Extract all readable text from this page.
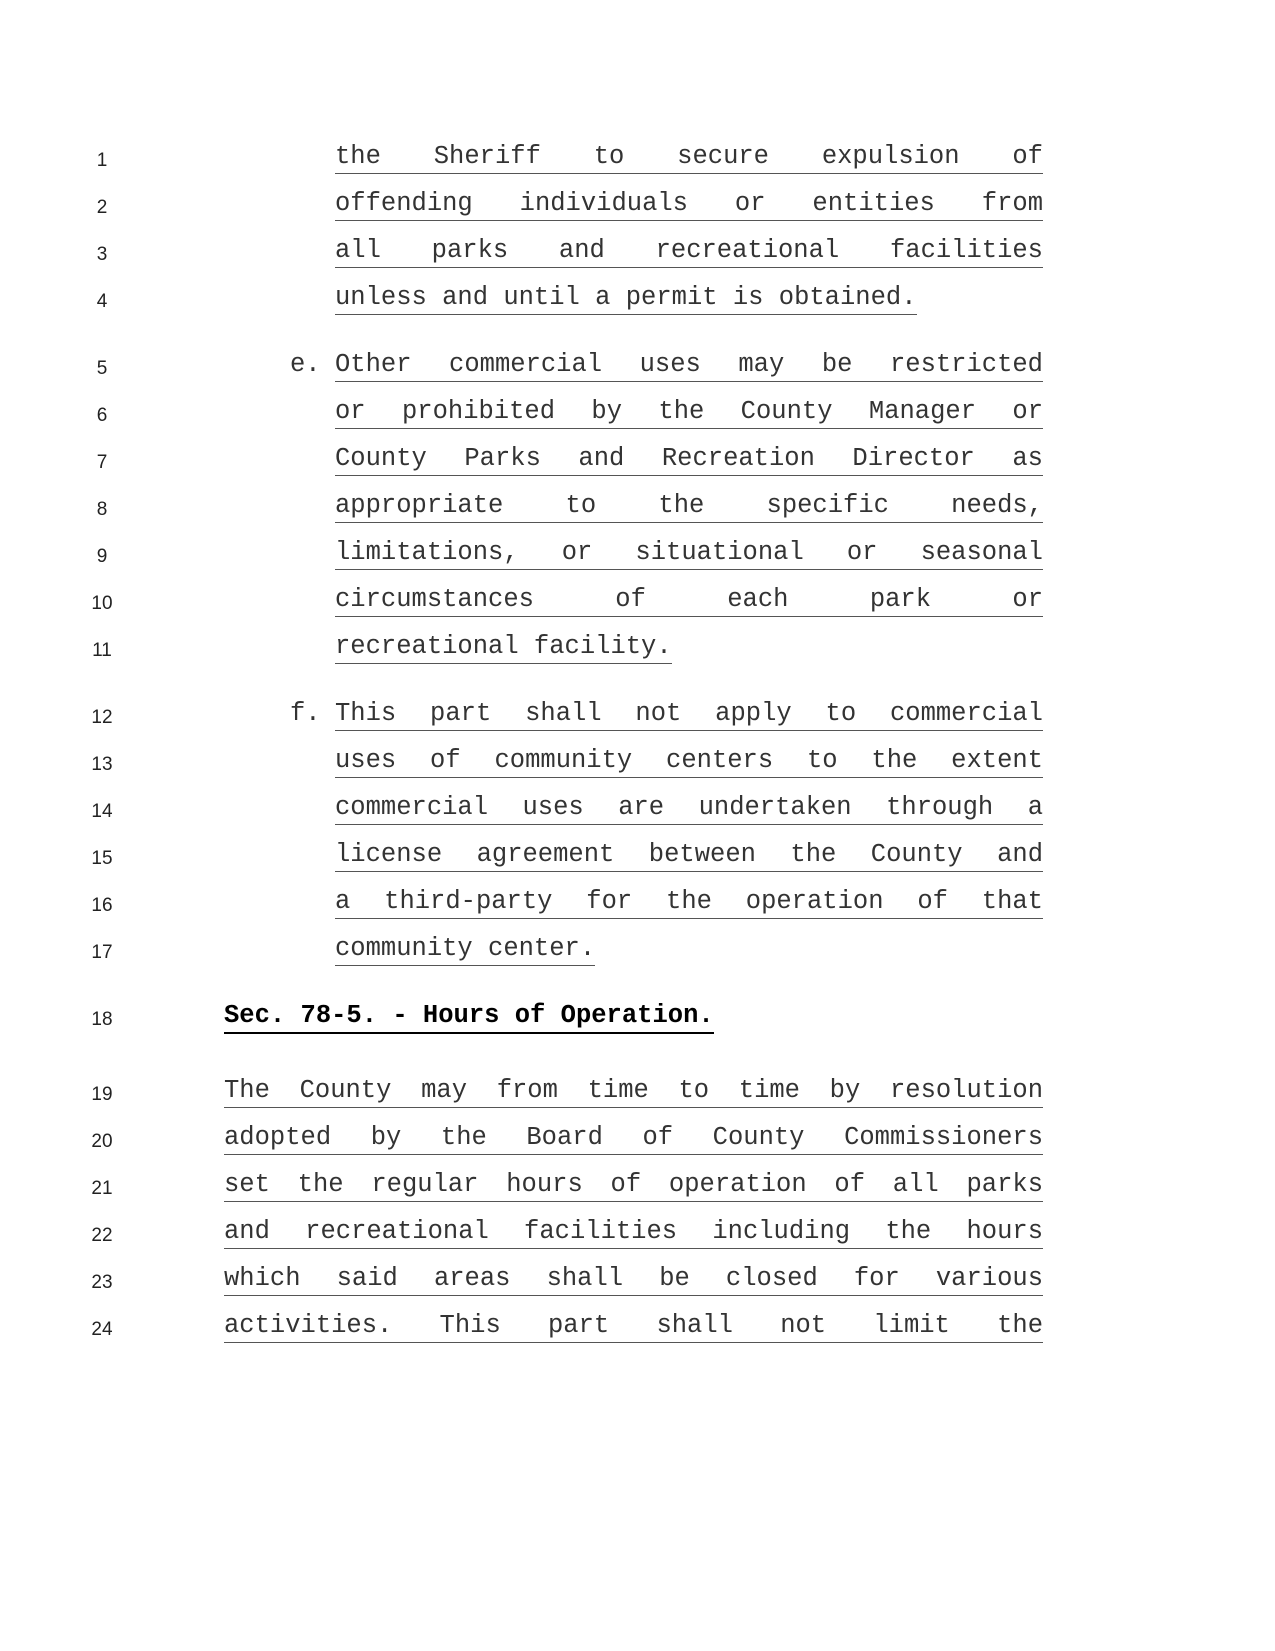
1
2
3
4
5
6
7
8
9
10
11
12
13
14
15
16
17
18
19
20
21
22
23
24
the Sheriff to secure expulsion of
offending individuals or entities from
all parks and recreational facilities
unless and until a permit is obtained.
e. Other commercial uses may be restricted
or prohibited by the County Manager or
County Parks and Recreation Director as
appropriate to the specific needs,
limitations, or situational or seasonal
circumstances of each park or
recreational facility.
f. This part shall not apply to commercial
uses of community centers to the extent
commercial uses are undertaken through a
license agreement between the County and
a third-party for the operation of that
community center.
Sec. 78-5. - Hours of Operation.
The County may from time to time by resolution
adopted by the Board of County Commissioners
set the regular hours of operation of all parks
and recreational facilities including the hours
which said areas shall be closed for various
activities. This part shall not limit the
